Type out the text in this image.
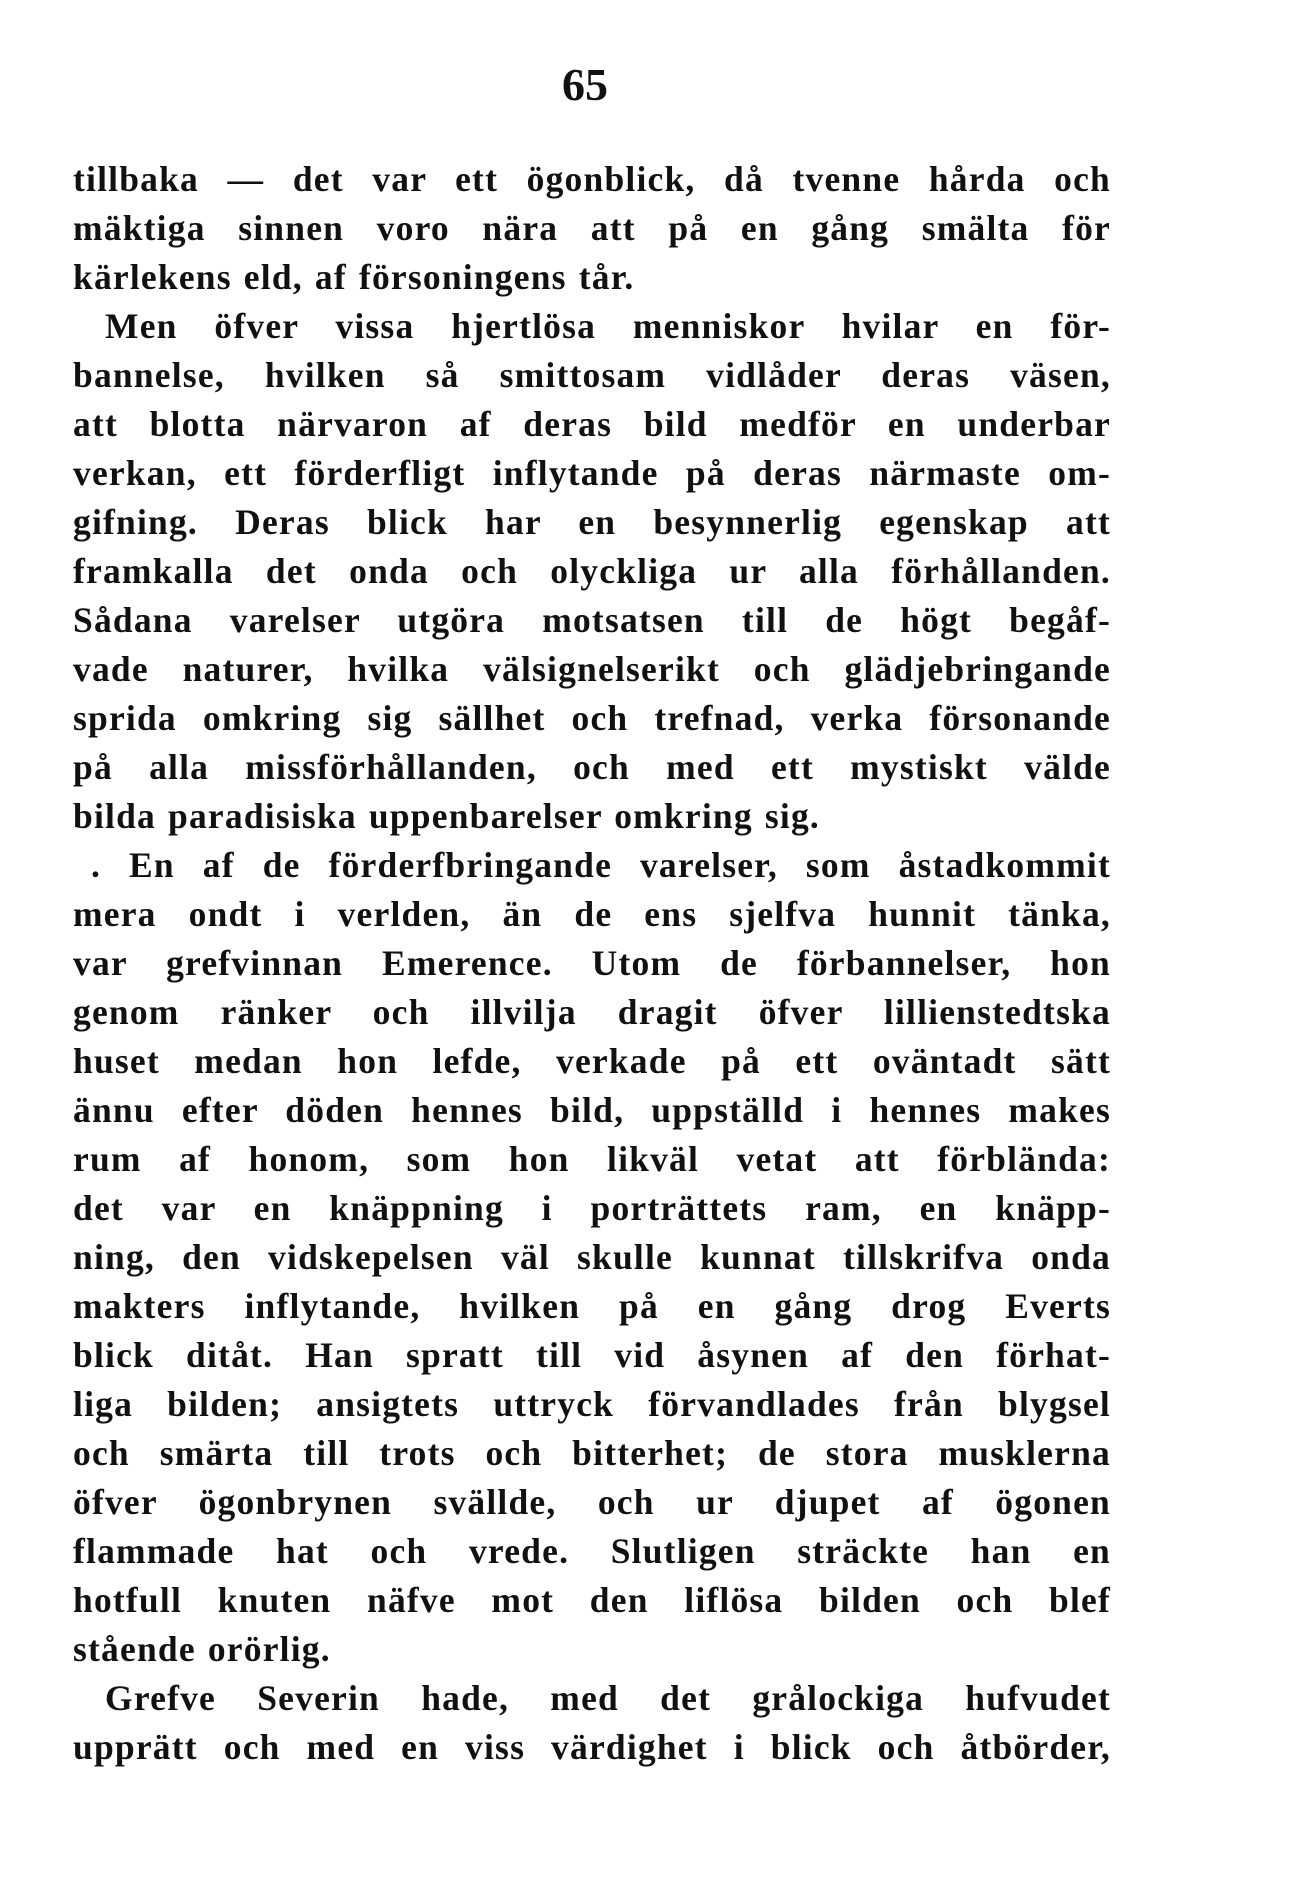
65
tillbaka — det var ett ögonblick, då tvenne hårda och
mäktiga sinnen voro nära att på en gång smälta för
kärlekens eld, af försoningens tår.
Men öfver vissa hjertlösa menniskor hvilar en för-
bannelse, hvilken så smittosam vidlåder deras väsen,
att blotta närvaron af deras bild medför en underbar
verkan, ett förderfligt inflytande på deras närmaste om-
gifning. Deras blick har en besynnerlig egenskap att
framkalla det onda och olyckliga ur alla förhållanden.
Sådana varelser utgöra motsatsen till de högt begåf-
vade naturer, hvilka välsignelserikt och glädjebringande
sprida omkring sig sällhet och trefnad, verka försonande
på alla missförhållanden, och med ett mystiskt välde
bilda paradisiska uppenbarelser omkring sig.
. En af de förderfbringande varelser, som åstadkommit
mera ondt i verlden, än de ens sjelfva hunnit tänka,
var grefvinnan Emerence. Utom de förbannelser, hon
genom ränker och illvilja dragit öfver lillienstedtska
huset medan hon lefde, verkade på ett oväntadt sätt
ännu efter döden hennes bild, uppställd i hennes makes
rum af honom, som hon likväl vetat att förblända:
det var en knäppning i porträttets ram, en knäpp-
ning, den vidskepelsen väl skulle kunnat tillskrifva onda
makters inflytande, hvilken på en gång drog Everts
blick ditåt. Han spratt till vid åsynen af den förhat-
liga bilden; ansigtets uttryck förvandlades från blygsel
och smärta till trots och bitterhet; de stora musklerna
öfver ögonbrynen svällde, och ur djupet af ögonen
flammade hat och vrede. Slutligen sträckte han en
hotfull knuten näfve mot den liflösa bilden och blef
stående orörlig.
Grefve Severin hade, med det grålockiga hufvudet
upprätt och med en viss värdighet i blick och åtbörder,
